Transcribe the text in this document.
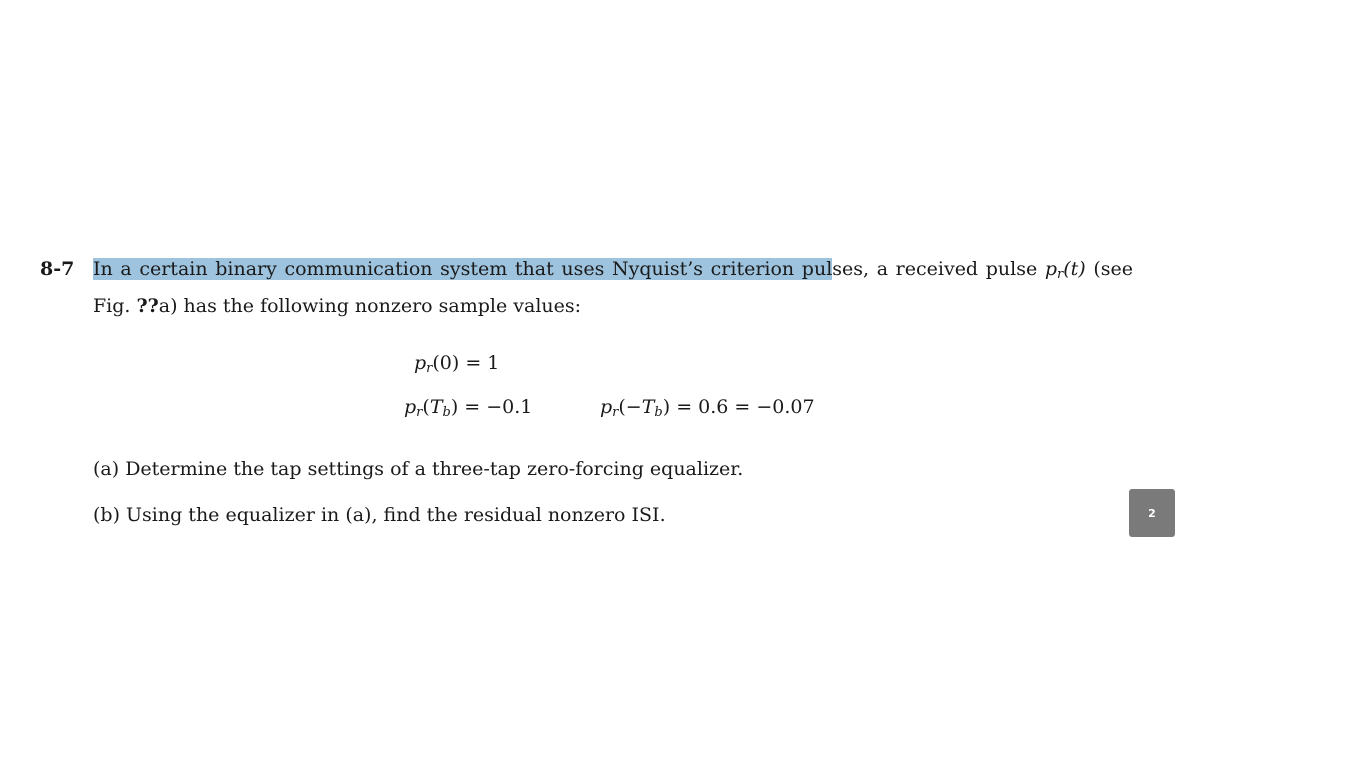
8-7 In a certain binary communication system that uses Nyquist’s criterion pulses, a received pulse $p_r(t)$ (see
Fig. ??a) has the following nonzero sample values:
$p_r(0) = 1$
$p_r(T_b) = -0.1$	$p_r(-T_b) = 0.6 = -0.07$
(a) Determine the tap settings of a three-tap zero-forcing equalizer.
(b) Using the equalizer in (a), find the residual nonzero ISI.	2
